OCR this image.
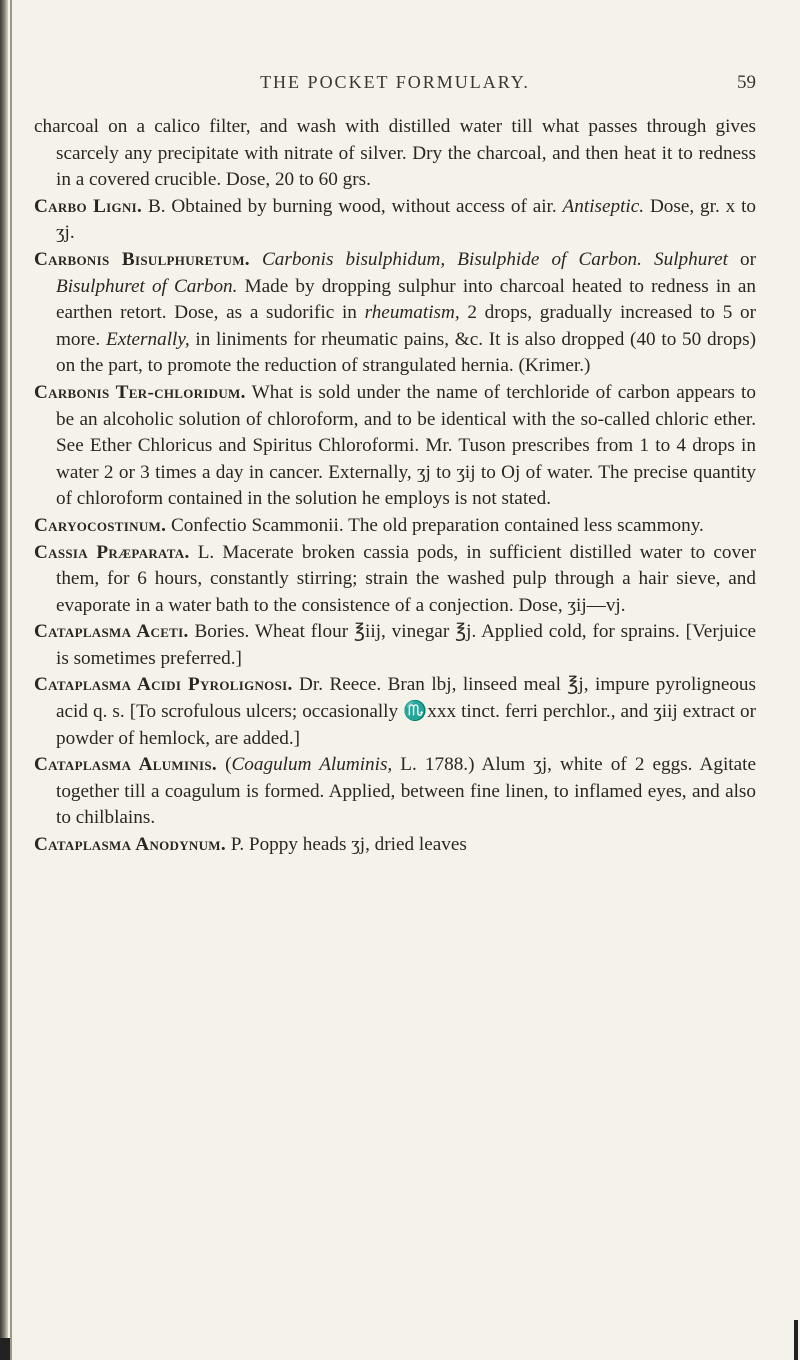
THE POCKET FORMULARY.	59

charcoal on a calico filter, and wash with distilled water till what passes through gives scarcely any precipitate with nitrate of silver. Dry the charcoal, and then heat it to redness in a covered crucible. Dose, 20 to 60 grs.

Carbo Ligni. B. Obtained by burning wood, without access of air. Antiseptic. Dose, gr. x to ʒj.

Carbonis Bisulphuretum. Carbonis bisulphidum, Bisulphide of Carbon. Sulphuret or Bisulphuret of Carbon. Made by dropping sulphur into charcoal heated to redness in an earthen retort. Dose, as a sudorific in rheumatism, 2 drops, gradually increased to 5 or more. Externally, in liniments for rheumatic pains, &c. It is also dropped (40 to 50 drops) on the part, to promote the reduction of strangulated hernia. (Krimer.)

Carbonis Ter-chloridum. What is sold under the name of terchloride of carbon appears to be an alcoholic solution of chloroform, and to be identical with the so-called chloric ether. See Ether Chloricus and Spiritus Chloroformi. Mr. Tuson prescribes from 1 to 4 drops in water 2 or 3 times a day in cancer. Externally, ʒj to ʒij to Oj of water. The precise quantity of chloroform contained in the solution he employs is not stated.

Caryocostinum. Confectio Scammonii. The old preparation contained less scammony.

Cassia Præparata. L. Macerate broken cassia pods, in sufficient distilled water to cover them, for 6 hours, constantly stirring; strain the washed pulp through a hair sieve, and evaporate in a water bath to the consistence of a conjection. Dose, ʒij—vj.

Cataplasma Aceti. Bories. Wheat flour ℥iij, vinegar ℥j. Applied cold, for sprains. [Verjuice is sometimes preferred.]

Cataplasma Acidi Pyrolignosi. Dr. Reece. Bran lbj, linseed meal ℥j, impure pyroligneous acid q. s. [To scrofulous ulcers; occasionally ♏xxx tinct. ferri perchlor., and ʒiij extract or powder of hemlock, are added.]

Cataplasma Aluminis. (Coagulum Aluminis, L. 1788.) Alum ʒj, white of 2 eggs. Agitate together till a coagulum is formed. Applied, between fine linen, to inflamed eyes, and also to chilblains.

Cataplasma Anodynum. P. Poppy heads ʒj, dried leaves
